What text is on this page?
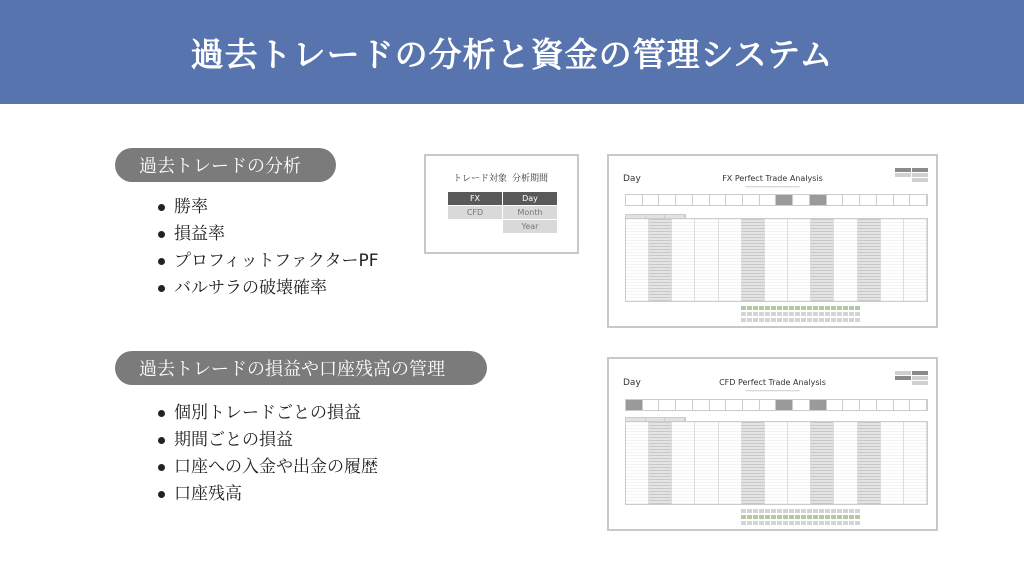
過去トレードの分析と資金の管理システム
過去トレードの分析
勝率
損益率
プロフィットファクターPF
バルサラの破壊確率
過去トレードの損益や口座残高の管理
個別トレードごとの損益
期間ごとの損益
口座への入金や出金の履歴
口座残高
トレード対象 分析期間
FX
CFD
Day
Month
Year
Day	FX Perfect Trade Analysis
━━━━━━━━━━━━━━━━━━━━━━━━━━━━━━
Day	CFD Perfect Trade Analysis
━━━━━━━━━━━━━━━━━━━━━━━━━━━━━━
